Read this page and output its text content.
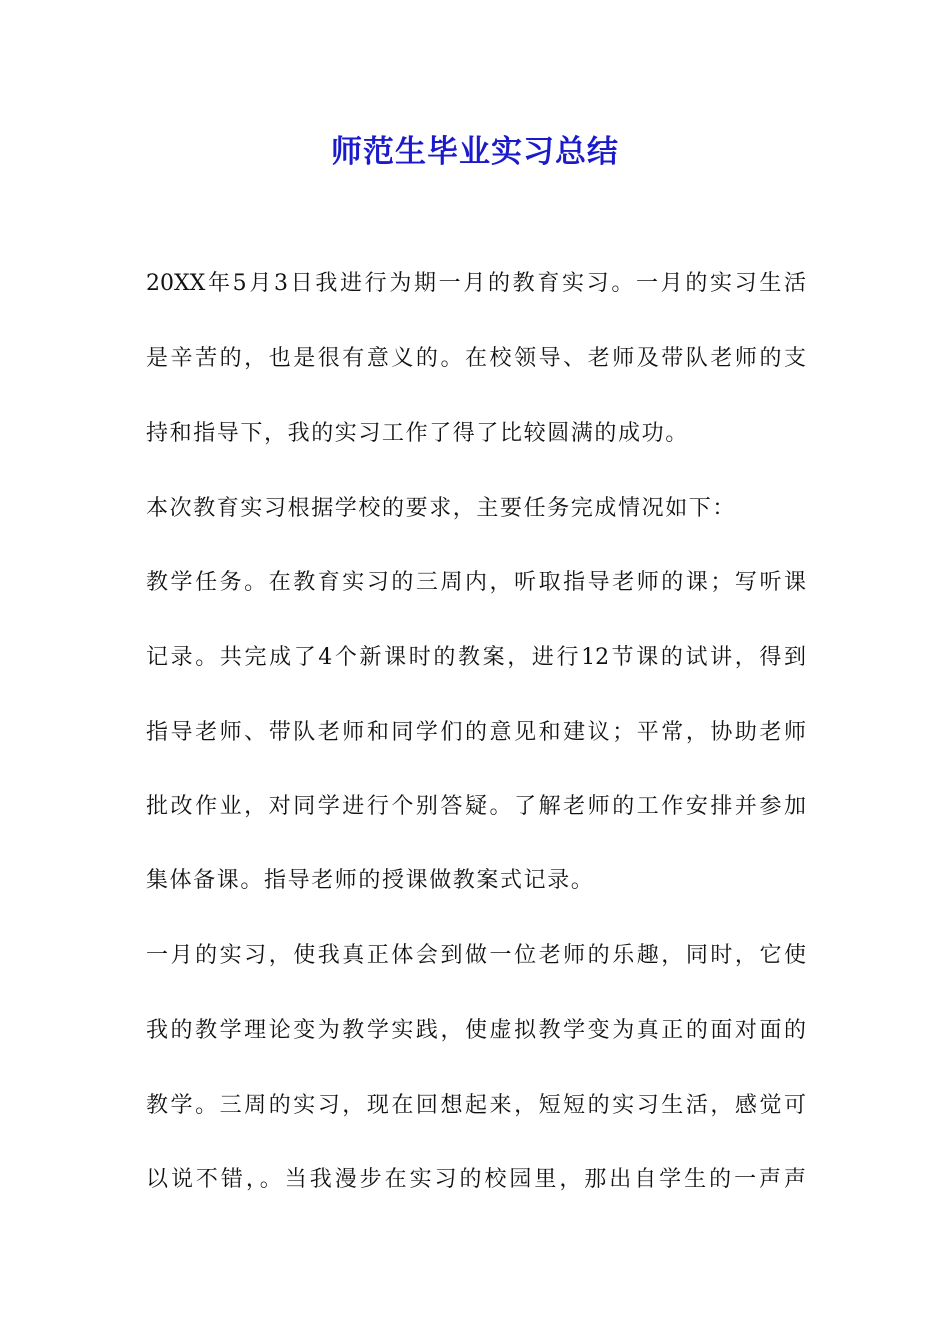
师范生毕业实习总结

20XX年5月3日我进行为期一月的教育实习。一月的实习生活

是辛苦的，也是很有意义的。在校领导、老师及带队老师的支

持和指导下，我的实习工作了得了比较圆满的成功。

本次教育实习根据学校的要求，主要任务完成情况如下：

教学任务。在教育实习的三周内，听取指导老师的课；写听课

记录。共完成了4个新课时的教案，进行12节课的试讲，得到

指导老师、带队老师和同学们的意见和建议；平常，协助老师

批改作业，对同学进行个别答疑。了解老师的工作安排并参加

集体备课。指导老师的授课做教案式记录。

一月的实习，使我真正体会到做一位老师的乐趣，同时，它使

我的教学理论变为教学实践，使虚拟教学变为真正的面对面的

教学。三周的实习，现在回想起来，短短的实习生活，感觉可

以说不错，。当我漫步在实习的校园里，那出自学生的一声声
